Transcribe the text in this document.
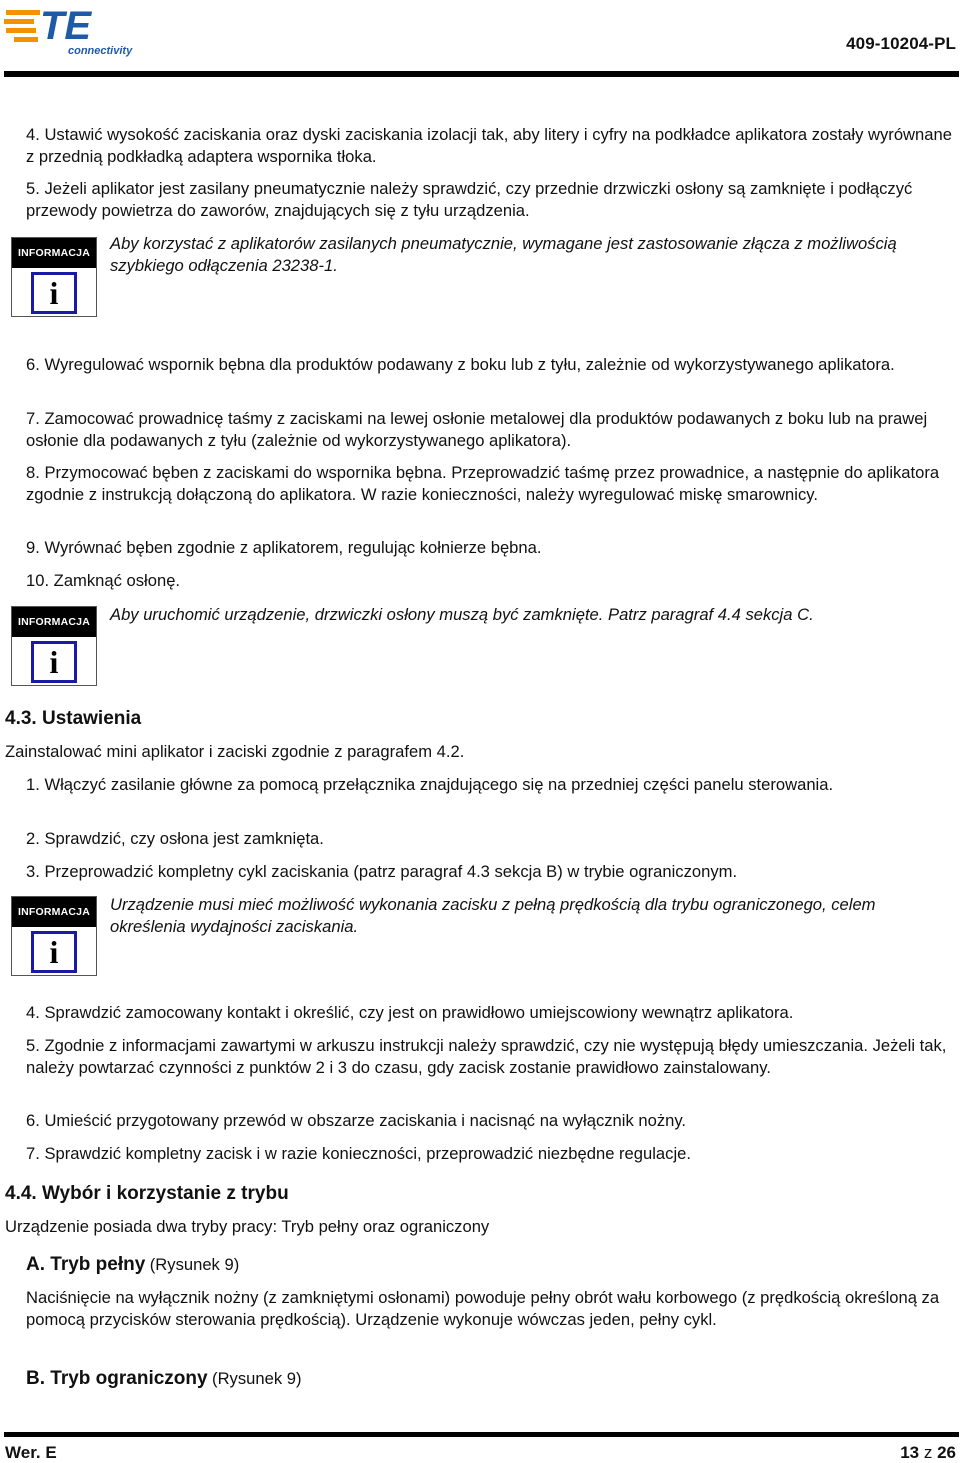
TE
connectivity	409-10204-PL
4. Ustawić wysokość zaciskania oraz dyski zaciskania izolacji tak, aby litery i cyfry na podkładce aplikatora zostały wyrównane z przednią podkładką adaptera wspornika tłoka.
5. Jeżeli aplikator jest zasilany pneumatycznie należy sprawdzić, czy przednie drzwiczki osłony są zamknięte i podłączyć przewody powietrza do zaworów, znajdujących się z tyłu urządzenia.
INFORMACJA
i
Aby korzystać z aplikatorów zasilanych pneumatycznie, wymagane jest zastosowanie złącza z możliwością szybkiego odłączenia 23238-1.
6. Wyregulować wspornik bębna dla produktów podawany z boku lub z tyłu, zależnie od wykorzystywanego aplikatora.
7. Zamocować prowadnicę taśmy z zaciskami na lewej osłonie metalowej dla produktów podawanych z boku lub na prawej osłonie dla podawanych z tyłu (zależnie od wykorzystywanego aplikatora).
8. Przymocować bęben z zaciskami do wspornika bębna. Przeprowadzić taśmę przez prowadnice, a następnie do aplikatora zgodnie z instrukcją dołączoną do aplikatora. W razie konieczności, należy wyregulować miskę smarownicy.
9. Wyrównać bęben zgodnie z aplikatorem, regulując kołnierze bębna.
10. Zamknąć osłonę.
INFORMACJA
i
Aby uruchomić urządzenie, drzwiczki osłony muszą być zamknięte. Patrz paragraf 4.4 sekcja C.
4.3. Ustawienia
Zainstalować mini aplikator i zaciski zgodnie z paragrafem 4.2.
1. Włączyć zasilanie główne za pomocą przełącznika znajdującego się na przedniej części panelu sterowania.
2. Sprawdzić, czy osłona jest zamknięta.
3. Przeprowadzić kompletny cykl zaciskania (patrz paragraf 4.3 sekcja B) w trybie ograniczonym.
INFORMACJA
i
Urządzenie musi mieć możliwość wykonania zacisku z pełną prędkością dla trybu ograniczonego, celem określenia wydajności zaciskania.
4. Sprawdzić zamocowany kontakt i określić, czy jest on prawidłowo umiejscowiony wewnątrz aplikatora.
5. Zgodnie z informacjami zawartymi w arkuszu instrukcji należy sprawdzić, czy nie występują błędy umieszczania. Jeżeli tak, należy powtarzać czynności z punktów 2 i 3 do czasu, gdy zacisk zostanie prawidłowo zainstalowany.
6. Umieścić przygotowany przewód w obszarze zaciskania i nacisnąć na wyłącznik nożny.
7. Sprawdzić kompletny zacisk i w razie konieczności, przeprowadzić niezbędne regulacje.
4.4. Wybór i korzystanie z trybu
Urządzenie posiada dwa tryby pracy: Tryb pełny oraz ograniczony
A. Tryb pełny (Rysunek 9)
Naciśnięcie na wyłącznik nożny (z zamkniętymi osłonami) powoduje pełny obrót wału korbowego (z prędkością określoną za pomocą przycisków sterowania prędkością). Urządzenie wykonuje wówczas jeden, pełny cykl.
B. Tryb ograniczony (Rysunek 9)
Wer. E	13 z 26
